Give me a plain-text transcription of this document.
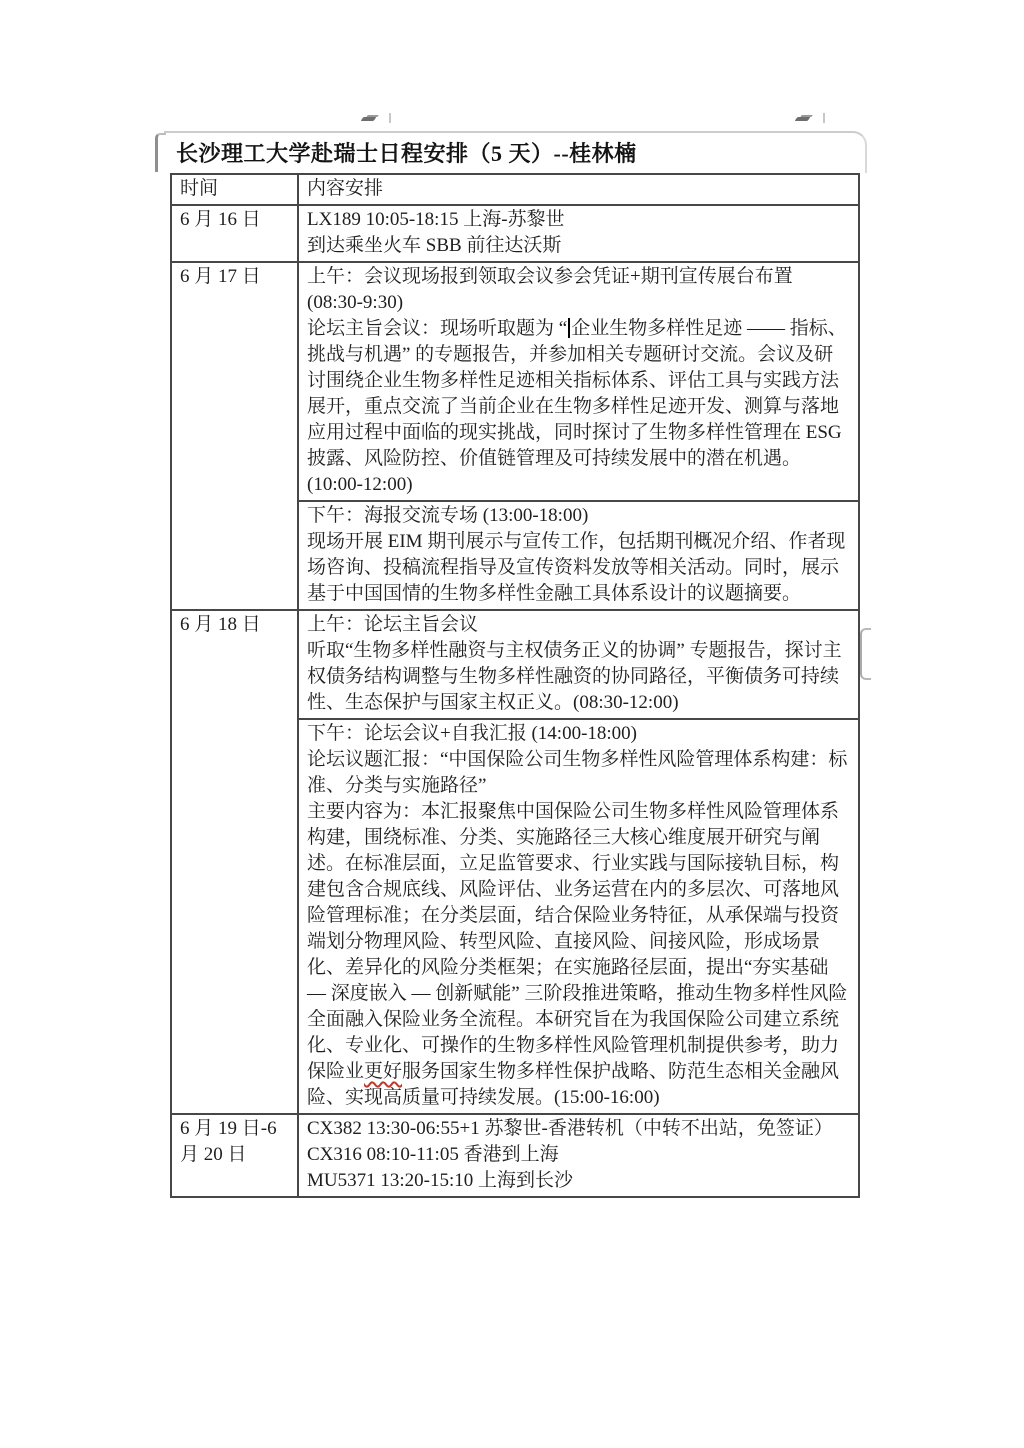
长沙理工大学赴瑞士日程安排（5 天）--桂林楠
时间	内容安排
6 月 16 日	LX189 10:05-18:15 上海-苏黎世
到达乘坐火车 SBB 前往达沃斯

6 月 17 日	上午：会议现场报到领取会议参会凭证+期刊宣传展台布置 (08:30-9:30)

论坛主旨会议：现场听取题为 “ 企业生物多样性足迹 —— 指标、挑战与机遇” 的专题报告，并参加相关专题研讨交流。会议及研讨围绕企业生物多样性足迹相关指标体系、评估工具与实践方法展开，重点交流了当前企业在生物多样性足迹开发、测算与落地应用过程中面临的现实挑战，同时探讨了生物多样性管理在 ESG 披露、风险防控、价值链管理及可持续发展中的潜在机遇。(10:00-12:00)

	下午：海报交流专场 (13:00-18:00)

现场开展 EIM 期刊展示与宣传工作，包括期刊概况介绍、作者现场咨询、投稿流程指导及宣传资料发放等相关活动。同时，展示基于中国国情的生物多样性金融工具体系设计的议题摘要。

6 月 18 日	上午：论坛主旨会议

听取“生物多样性融资与主权债务正义的协调” 专题报告，探讨主权债务结构调整与生物多样性融资的协同路径，平衡债务可持续性、生态保护与国家主权正义。(08:30-12:00)

	下午：论坛会议+自我汇报 (14:00-18:00)

论坛议题汇报：“中国保险公司生物多样性风险管理体系构建：标准、分类与实施路径”

主要内容为：本汇报聚焦中国保险公司生物多样性风险管理体系构建，围绕标准、分类、实施路径三大核心维度展开研究与阐述。在标准层面，立足监管要求、行业实践与国际接轨目标，构建包含合规底线、风险评估、业务运营在内的多层次、可落地风险管理标准；在分类层面，结合保险业务特征，从承保端与投资端划分物理风险、转型风险、直接风险、间接风险，形成场景化、差异化的风险分类框架；在实施路径层面，提出“夯实基础 — 深度嵌入 — 创新赋能” 三阶段推进策略，推动生物多样性风险全面融入保险业务全流程。本研究旨在为我国保险公司建立系统化、专业化、可操作的生物多样性风险管理机制提供参考，助力保险业更好服务国家生物多样性保护战略、防范生态相关金融风险、实现高质量可持续发展。(15:00-16:00)

6 月 19 日-6 月 20 日	CX382 13:30-06:55+1 苏黎世-香港转机（中转不出站，免签证）
CX316 08:10-11:05 香港到上海
MU5371 13:20-15:10 上海到长沙
